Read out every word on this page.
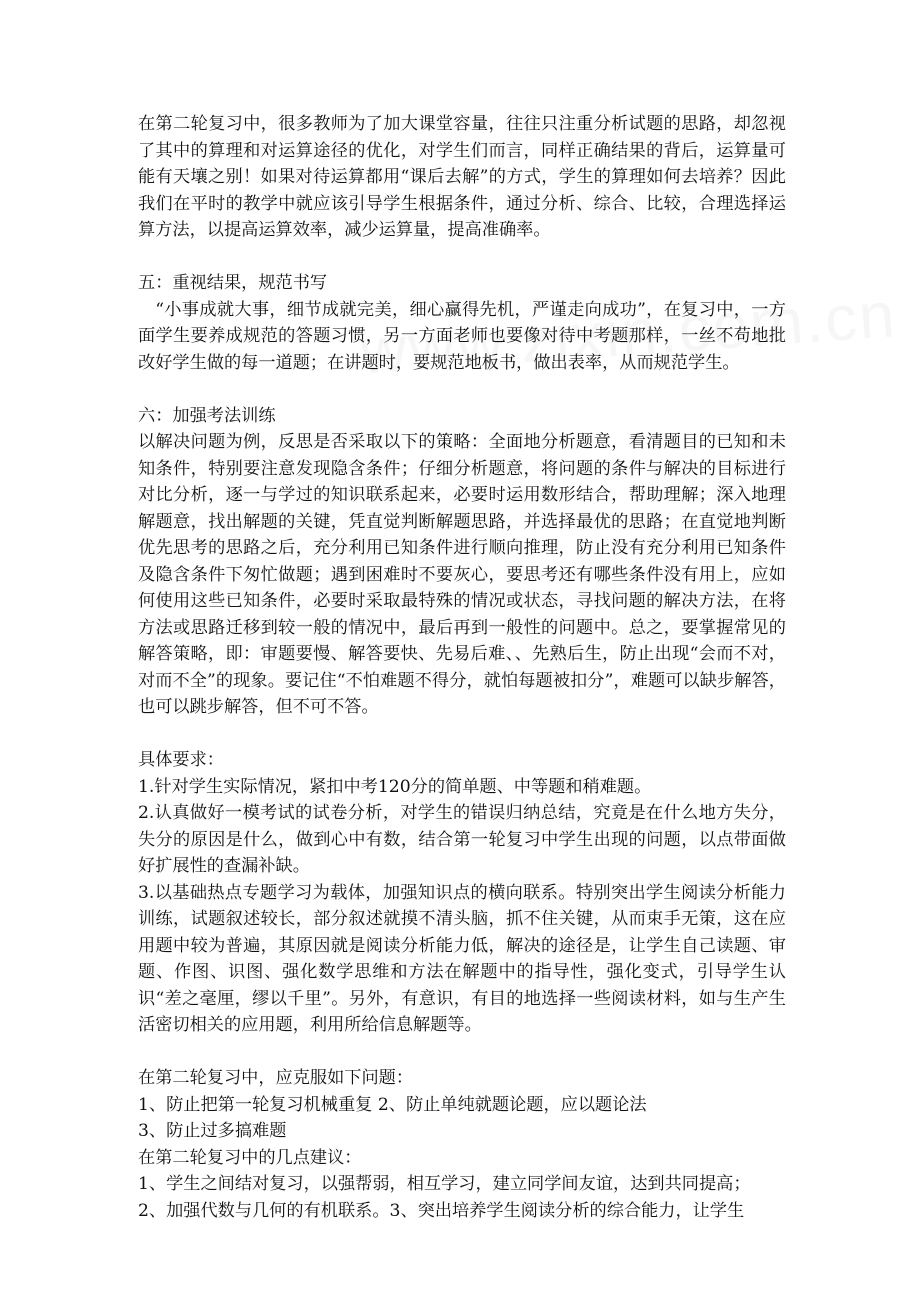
在第二轮复习中，很多教师为了加大课堂容量，往往只注重分析试题的思路，却忽视了其中的算理和对运算途径的优化，对学生们而言，同样正确结果的背后，运算量可能有天壤之别！如果对待运算都用“课后去解”的方式，学生的算理如何去培养？因此我们在平时的教学中就应该引导学生根据条件，通过分析、综合、比较，合理选择运算方法，以提高运算效率，减少运算量，提高准确率。

五：重视结果，规范书写

“小事成就大事，细节成就完美，细心赢得先机，严谨走向成功”，在复习中，一方面学生要养成规范的答题习惯，另一方面老师也要像对待中考题那样，一丝不苟地批改好学生做的每一道题；在讲题时，要规范地板书，做出表率，从而规范学生。

六：加强考法训练

以解决问题为例，反思是否采取以下的策略：全面地分析题意，看清题目的已知和未知条件，特别要注意发现隐含条件；仔细分析题意，将问题的条件与解决的目标进行对比分析，逐一与学过的知识联系起来，必要时运用数形结合，帮助理解；深入地理解题意，找出解题的关键，凭直觉判断解题思路，并选择最优的思路；在直觉地判断优先思考的思路之后，充分利用已知条件进行顺向推理，防止没有充分利用已知条件及隐含条件下匆忙做题；遇到困难时不要灰心，要思考还有哪些条件没有用上，应如何使用这些已知条件，必要时采取最特殊的情况或状态，寻找问题的解决方法，在将方法或思路迁移到较一般的情况中，最后再到一般性的问题中。总之，要掌握常见的解答策略，即：审题要慢、解答要快、先易后难、、先熟后生，防止出现“会而不对，对而不全”的现象。要记住“不怕难题不得分，就怕每题被扣分”，难题可以缺步解答，也可以跳步解答，但不可不答。

具体要求：

1.针对学生实际情况，紧扣中考120分的简单题、中等题和稍难题。

2.认真做好一模考试的试卷分析，对学生的错误归纳总结，究竟是在什么地方失分，失分的原因是什么，做到心中有数，结合第一轮复习中学生出现的问题，以点带面做好扩展性的查漏补缺。

3.以基础热点专题学习为载体，加强知识点的横向联系。特别突出学生阅读分析能力训练，试题叙述较长，部分叙述就摸不清头脑，抓不住关键，从而束手无策，这在应用题中较为普遍，其原因就是阅读分析能力低，解决的途径是，让学生自己读题、审题、作图、识图、强化数学思维和方法在解题中的指导性，强化变式，引导学生认识“差之毫厘，缪以千里”。另外，有意识，有目的地选择一些阅读材料，如与生产生活密切相关的应用题，利用所给信息解题等。

在第二轮复习中，应克服如下问题：

1、防止把第一轮复习机械重复 2、防止单纯就题论题，应以题论法

3、防止过多搞难题

在第二轮复习中的几点建议：

1、学生之间结对复习，以强帮弱，相互学习，建立同学间友谊，达到共同提高；

2、加强代数与几何的有机联系。3、突出培养学生阅读分析的综合能力，让学生
